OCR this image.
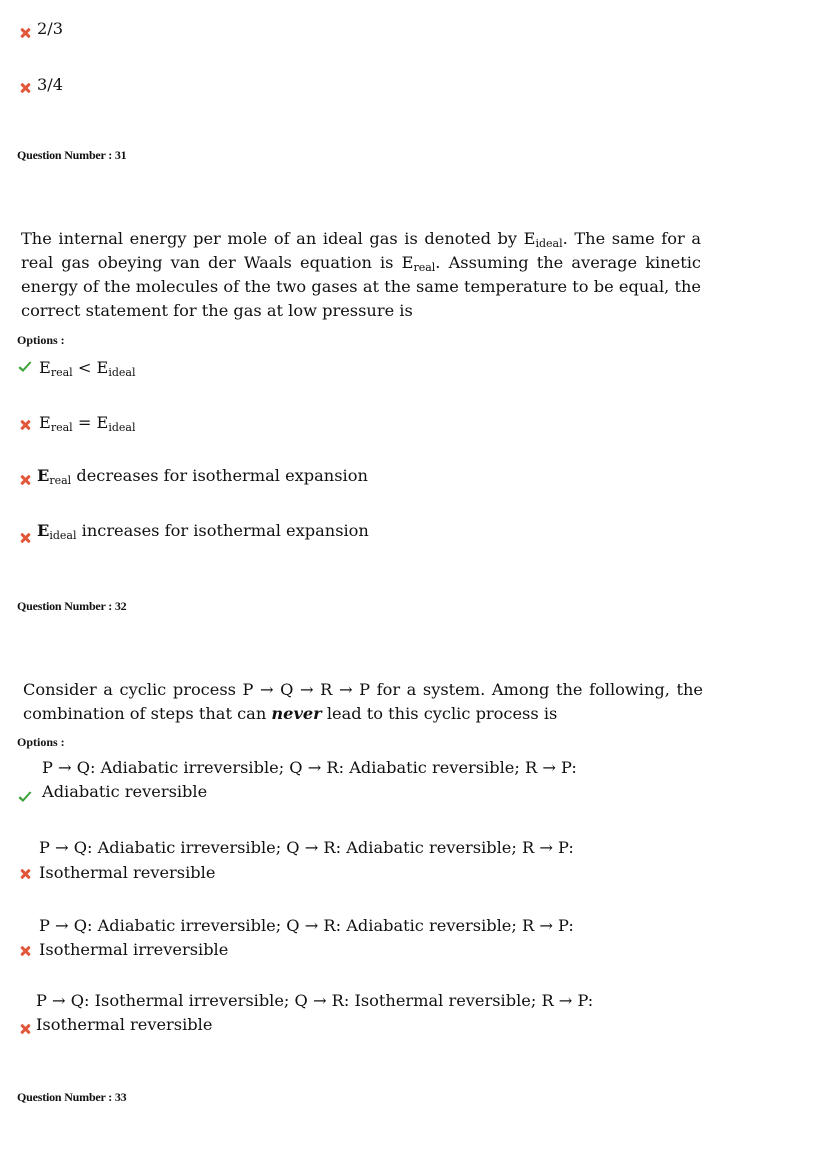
2/3
3/4
Question Number : 31
The internal energy per mole of an ideal gas is denoted by $E_{ideal}$. The same for a real gas obeying van der Waals equation is $E_{real}$. Assuming the average kinetic energy of the molecules of the two gases at the same temperature to be equal, the correct statement for the gas at low pressure is
Options :
$E_{real} < E_{ideal}$
$E_{real} = E_{ideal}$
$E_{real}$ decreases for isothermal expansion
$E_{ideal}$ increases for isothermal expansion
Question Number : 32
Consider a cyclic process P → Q → R → P for a system. Among the following, the combination of steps that can never lead to this cyclic process is
Options :
P → Q: Adiabatic irreversible; Q → R: Adiabatic reversible; R → P:
Adiabatic reversible
P → Q: Adiabatic irreversible; Q → R: Adiabatic reversible; R → P:
Isothermal reversible
P → Q: Adiabatic irreversible; Q → R: Adiabatic reversible; R → P:
Isothermal irreversible
P → Q: Isothermal irreversible; Q → R: Isothermal reversible; R → P:
Isothermal reversible
Question Number : 33
